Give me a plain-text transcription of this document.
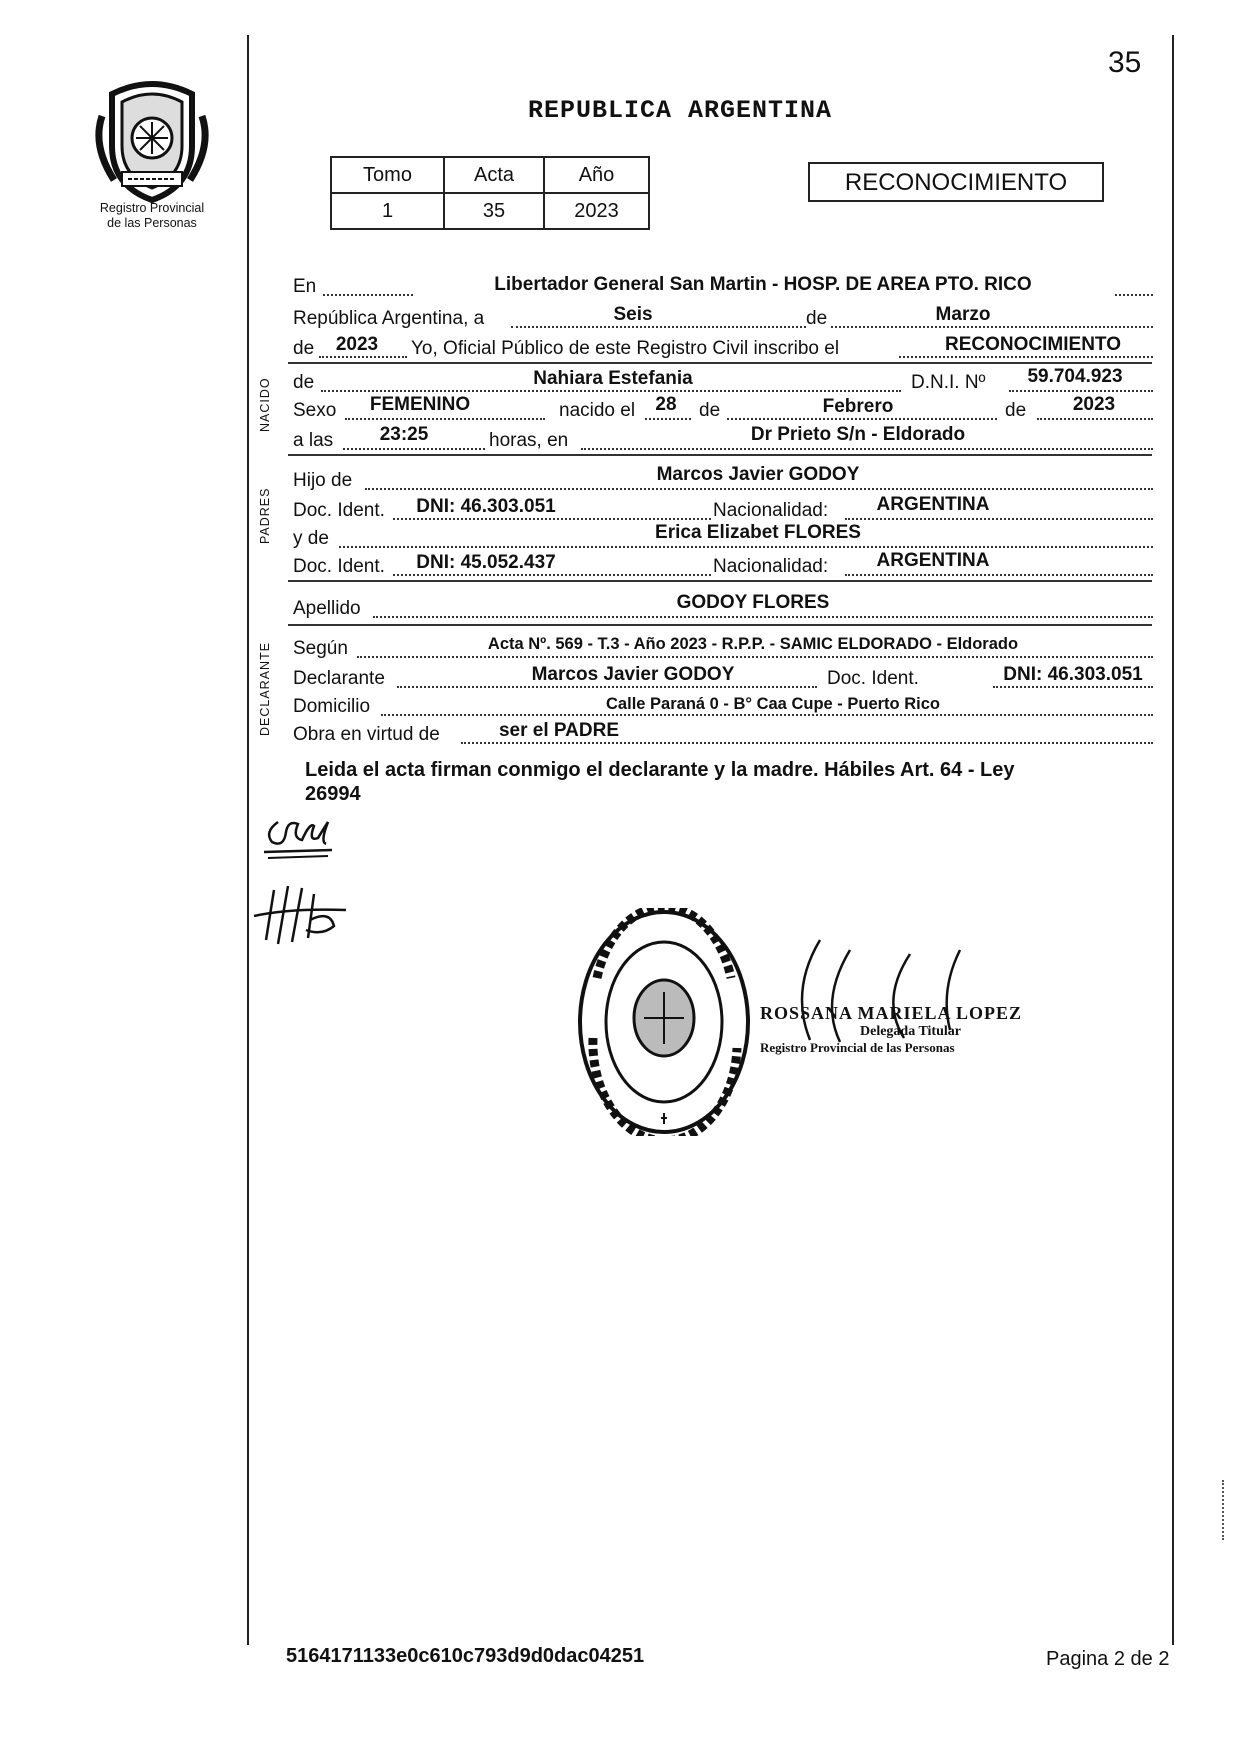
35
Registro Provincial
de las Personas
REPUBLICA ARGENTINA
Tomo	Acta	Año
1	35	2023
RECONOCIMIENTO
En	Libertador General San Martin - HOSP. DE AREA PTO. RICO
República Argentina, a	Seis	de	Marzo
de	2023	Yo, Oficial Público de este Registro Civil inscribo el	RECONOCIMIENTO
de	Nahiara Estefania	D.N.I. Nº	59.704.923
Sexo	FEMENINO	nacido el 28 de	Febrero	de	2023
a las	23:25	horas, en	Dr Prieto S/n - Eldorado
Hijo de	Marcos Javier GODOY
Doc. Ident.	DNI: 46.303.051	Nacionalidad:	ARGENTINA
y de	Erica Elizabet FLORES
Doc. Ident.	DNI: 45.052.437	Nacionalidad:	ARGENTINA
Apellido	GODOY FLORES
Según	Acta Nº. 569 - T.3 - Año 2023 - R.P.P. - SAMIC ELDORADO - Eldorado
Declarante	Marcos Javier GODOY	Doc. Ident.	DNI: 46.303.051
Domicilio	Calle Paraná 0 - B° Caa Cupe - Puerto Rico
Obra en virtud de	ser el PADRE
NACIDO
PADRES
DECLARANTE
Leida el acta firman conmigo el declarante y la madre. Hábiles Art. 64 - Ley
26994
ROSSANA MARIELA LOPEZ
Delegada Titular
Registro Provincial de las Personas
5164171133e0c610c793d9d0dac04251	Pagina 2 de 2
